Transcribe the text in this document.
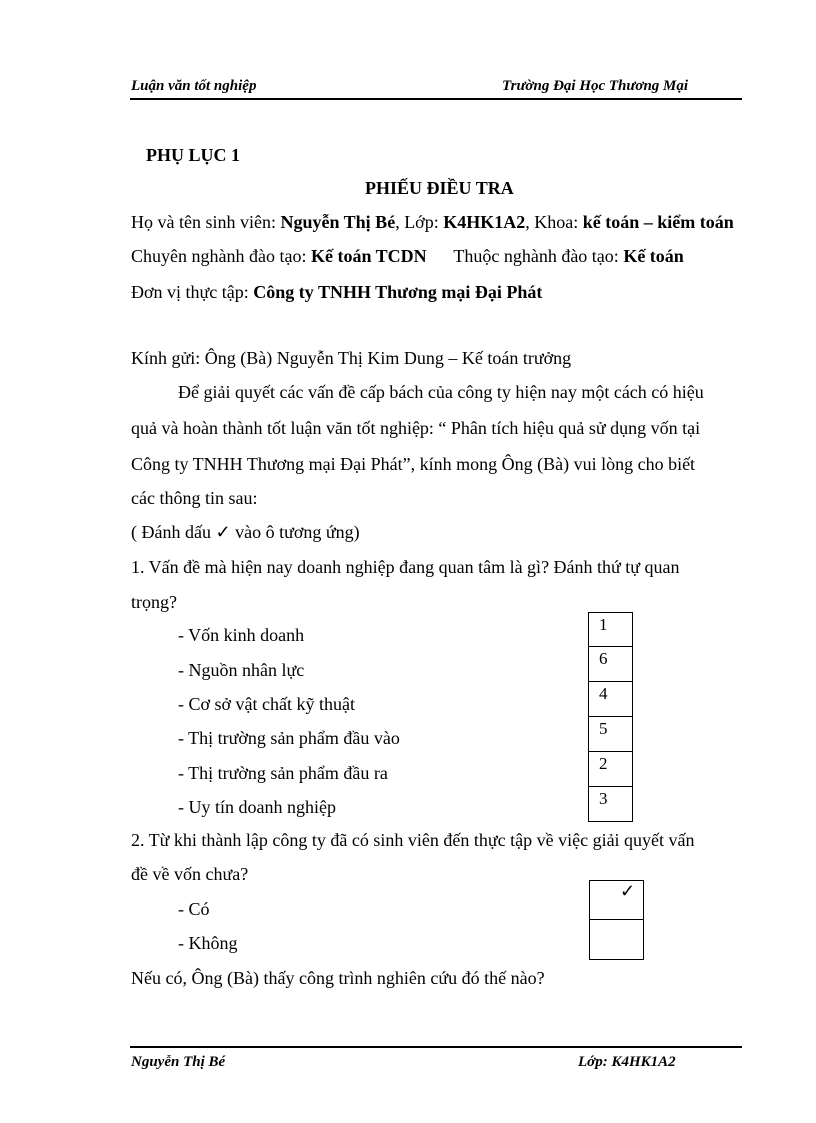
Luận văn tốt nghiệp	Trường Đại Học Thương Mại
PHỤ LỤC 1
PHIẾU ĐIỀU TRA
Họ và tên sinh viên: Nguyễn Thị Bé, Lớp: K4HK1A2, Khoa: kế toán – kiểm toán
Chuyên nghành đào tạo: Kế toán TCDN Thuộc nghành đào tạo: Kế toán
Đơn vị thực tập: Công ty TNHH Thương mại Đại Phát
Kính gửi: Ông (Bà) Nguyễn Thị Kim Dung – Kế toán trưởng
Để giải quyết các vấn đề cấp bách của công ty hiện nay một cách có hiệu
quả và hoàn thành tốt luận văn tốt nghiệp: “ Phân tích hiệu quả sử dụng vốn tại
Công ty TNHH Thương mại Đại Phát”, kính mong Ông (Bà) vui lòng cho biết
các thông tin sau:
( Đánh dấu ✓ vào ô tương ứng)
1. Vấn đề mà hiện nay doanh nghiệp đang quan tâm là gì? Đánh thứ tự quan
trọng?
- Vốn kinh doanh
- Nguồn nhân lực
- Cơ sở vật chất kỹ thuật
- Thị trường sản phẩm đầu vào
- Thị trường sản phẩm đầu ra
- Uy tín doanh nghiệp
1
6
4
5
2
3
2. Từ khi thành lập công ty đã có sinh viên đến thực tập về việc giải quyết vấn
đề về vốn chưa?
- Có
- Không
✓
Nếu có, Ông (Bà) thấy công trình nghiên cứu đó thế nào?
Nguyễn Thị Bé	Lớp: K4HK1A2
